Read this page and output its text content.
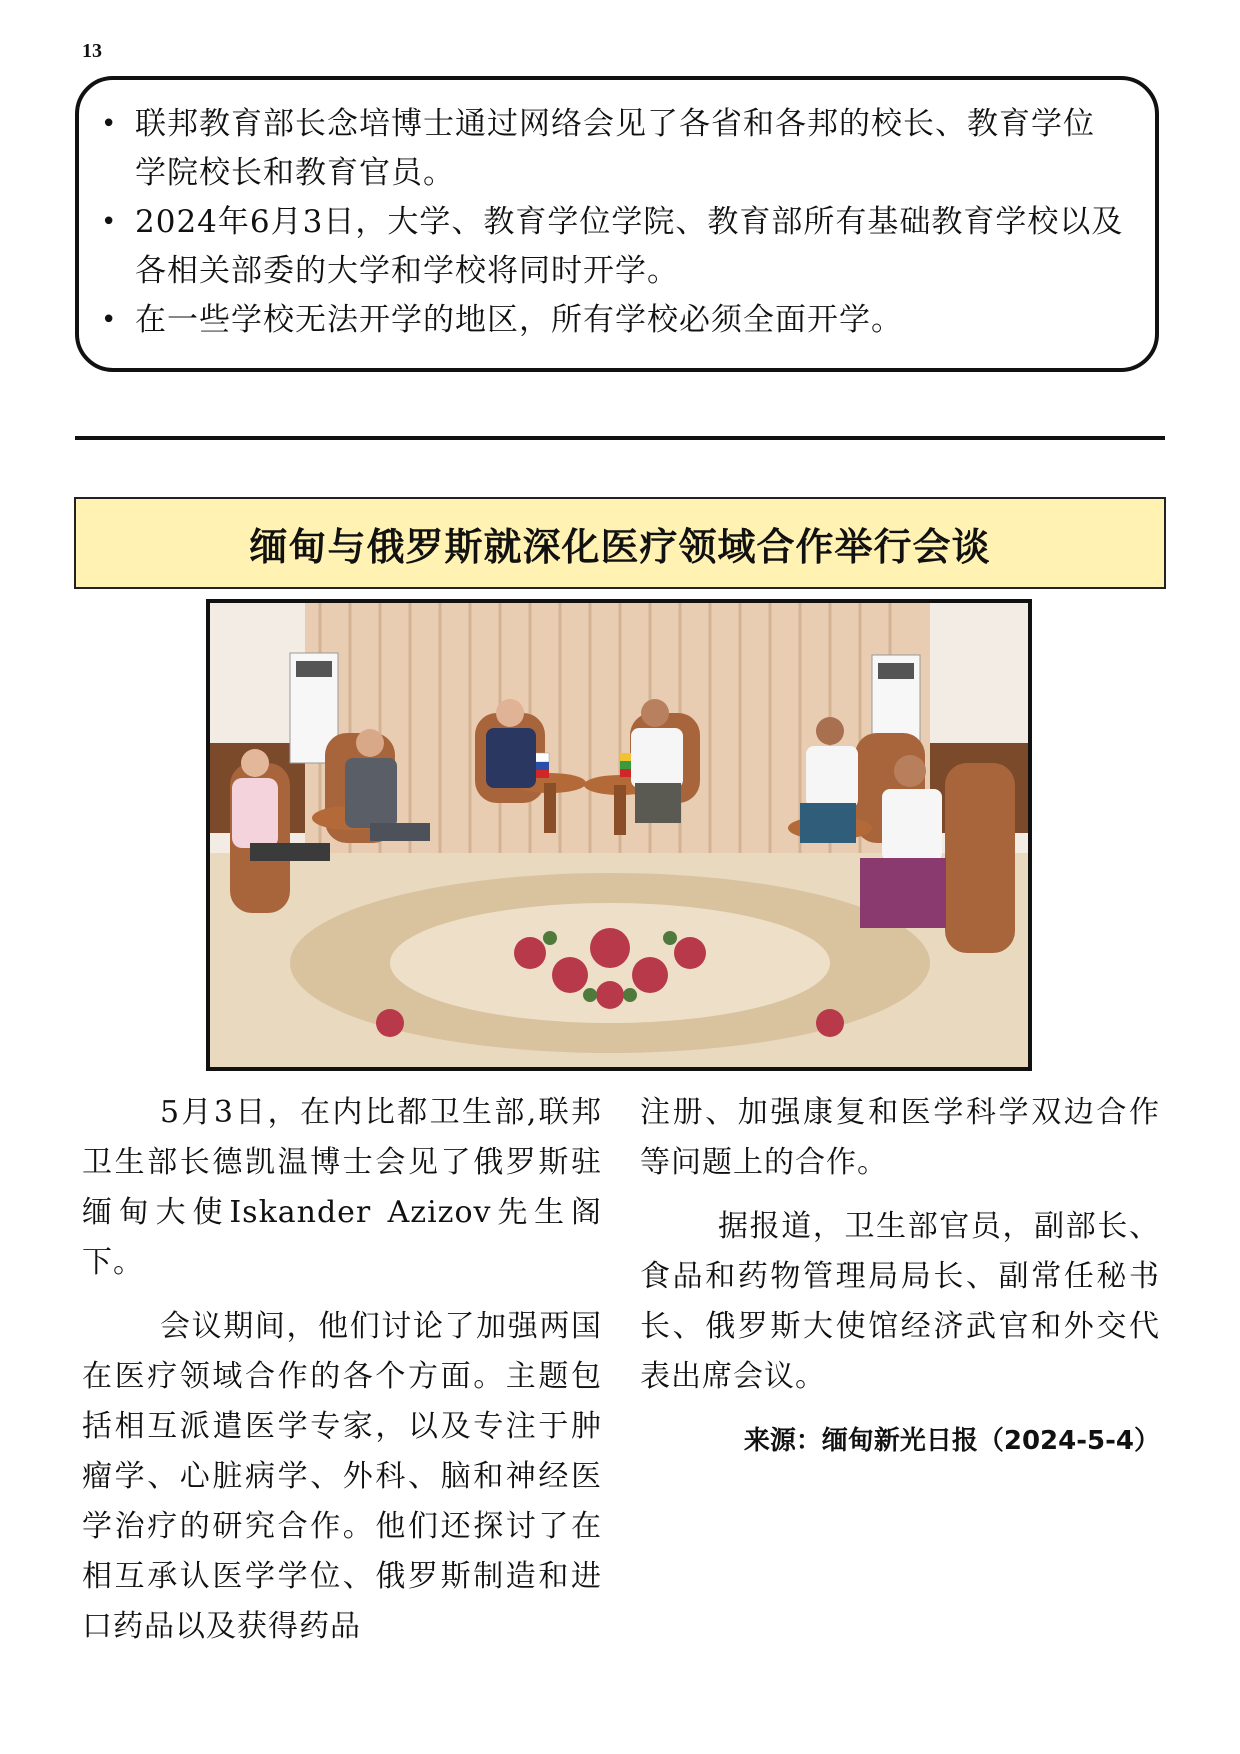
13
• 联邦教育部长念培博士通过网络会见了各省和各邦的校长、教育学位学院校长和教育官员。
• 2024年6月3日，大学、教育学位学院、教育部所有基础教育学校以及各相关部委的大学和学校将同时开学。
• 在一些学校无法开学的地区，所有学校必须全面开学。
缅甸与俄罗斯就深化医疗领域合作举行会谈

5月3日，在内比都卫生部,联邦卫生部长德凯温博士会见了俄罗斯驻缅甸大使Iskander Azizov先生阁下。

会议期间，他们讨论了加强两国在医疗领域合作的各个方面。主题包括相互派遣医学专家，以及专注于肿瘤学、心脏病学、外科、脑和神经医学治疗的研究合作。他们还探讨了在相互承认医学学位、俄罗斯制造和进口药品以及获得药品

注册、加强康复和医学科学双边合作等问题上的合作。

据报道，卫生部官员，副部长、食品和药物管理局局长、副常任秘书长、俄罗斯大使馆经济武官和外交代表出席会议。

来源：缅甸新光日报（2024-5-4）
